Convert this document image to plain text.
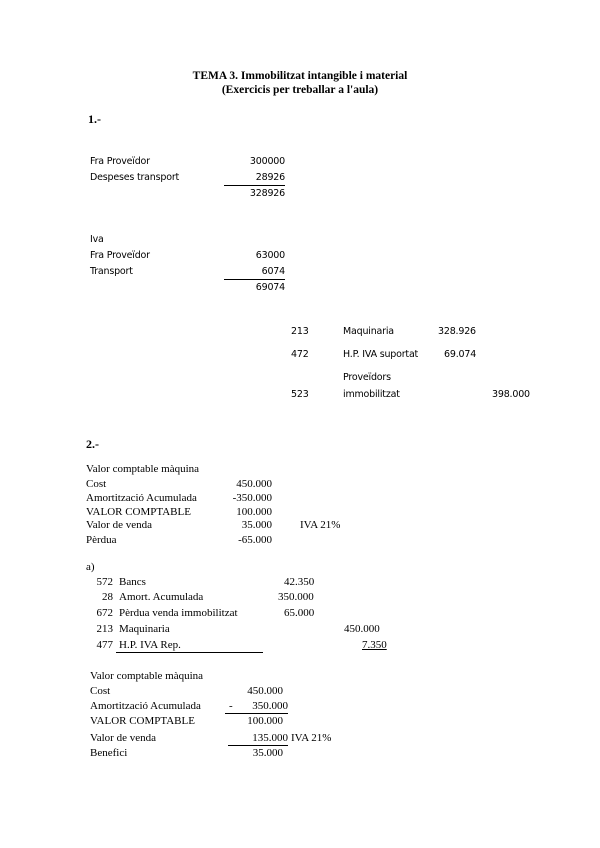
TEMA 3. Immobilitzat intangible i material
(Exercicis per treballar a l'aula)
1.-
Fra Proveïdor	300000
Despeses transport	28926
328926
Iva
Fra Proveïdor	63000
Transport	6074
69074
213	Maquinaria	328.926
472	H.P. IVA suportat	69.074
Proveïdors
523	immobilitzat	398.000
2.-
Valor comptable màquina
Cost	450.000
Amortització Acumulada	-350.000
VALOR COMPTABLE	100.000
Valor de venda	35.000	IVA 21%
Pèrdua	-65.000
a)
572 Bancs	42.350
28 Amort. Acumulada	350.000
672 Pèrdua venda immobilitzat	65.000
213 Maquinaria	450.000
477 H.P. IVA Rep.	7.350
Valor comptable màquina
Cost	450.000
Amortització Acumulada	-	350.000
VALOR COMPTABLE	100.000
Valor de venda	135.000 IVA 21%
Benefici	35.000
